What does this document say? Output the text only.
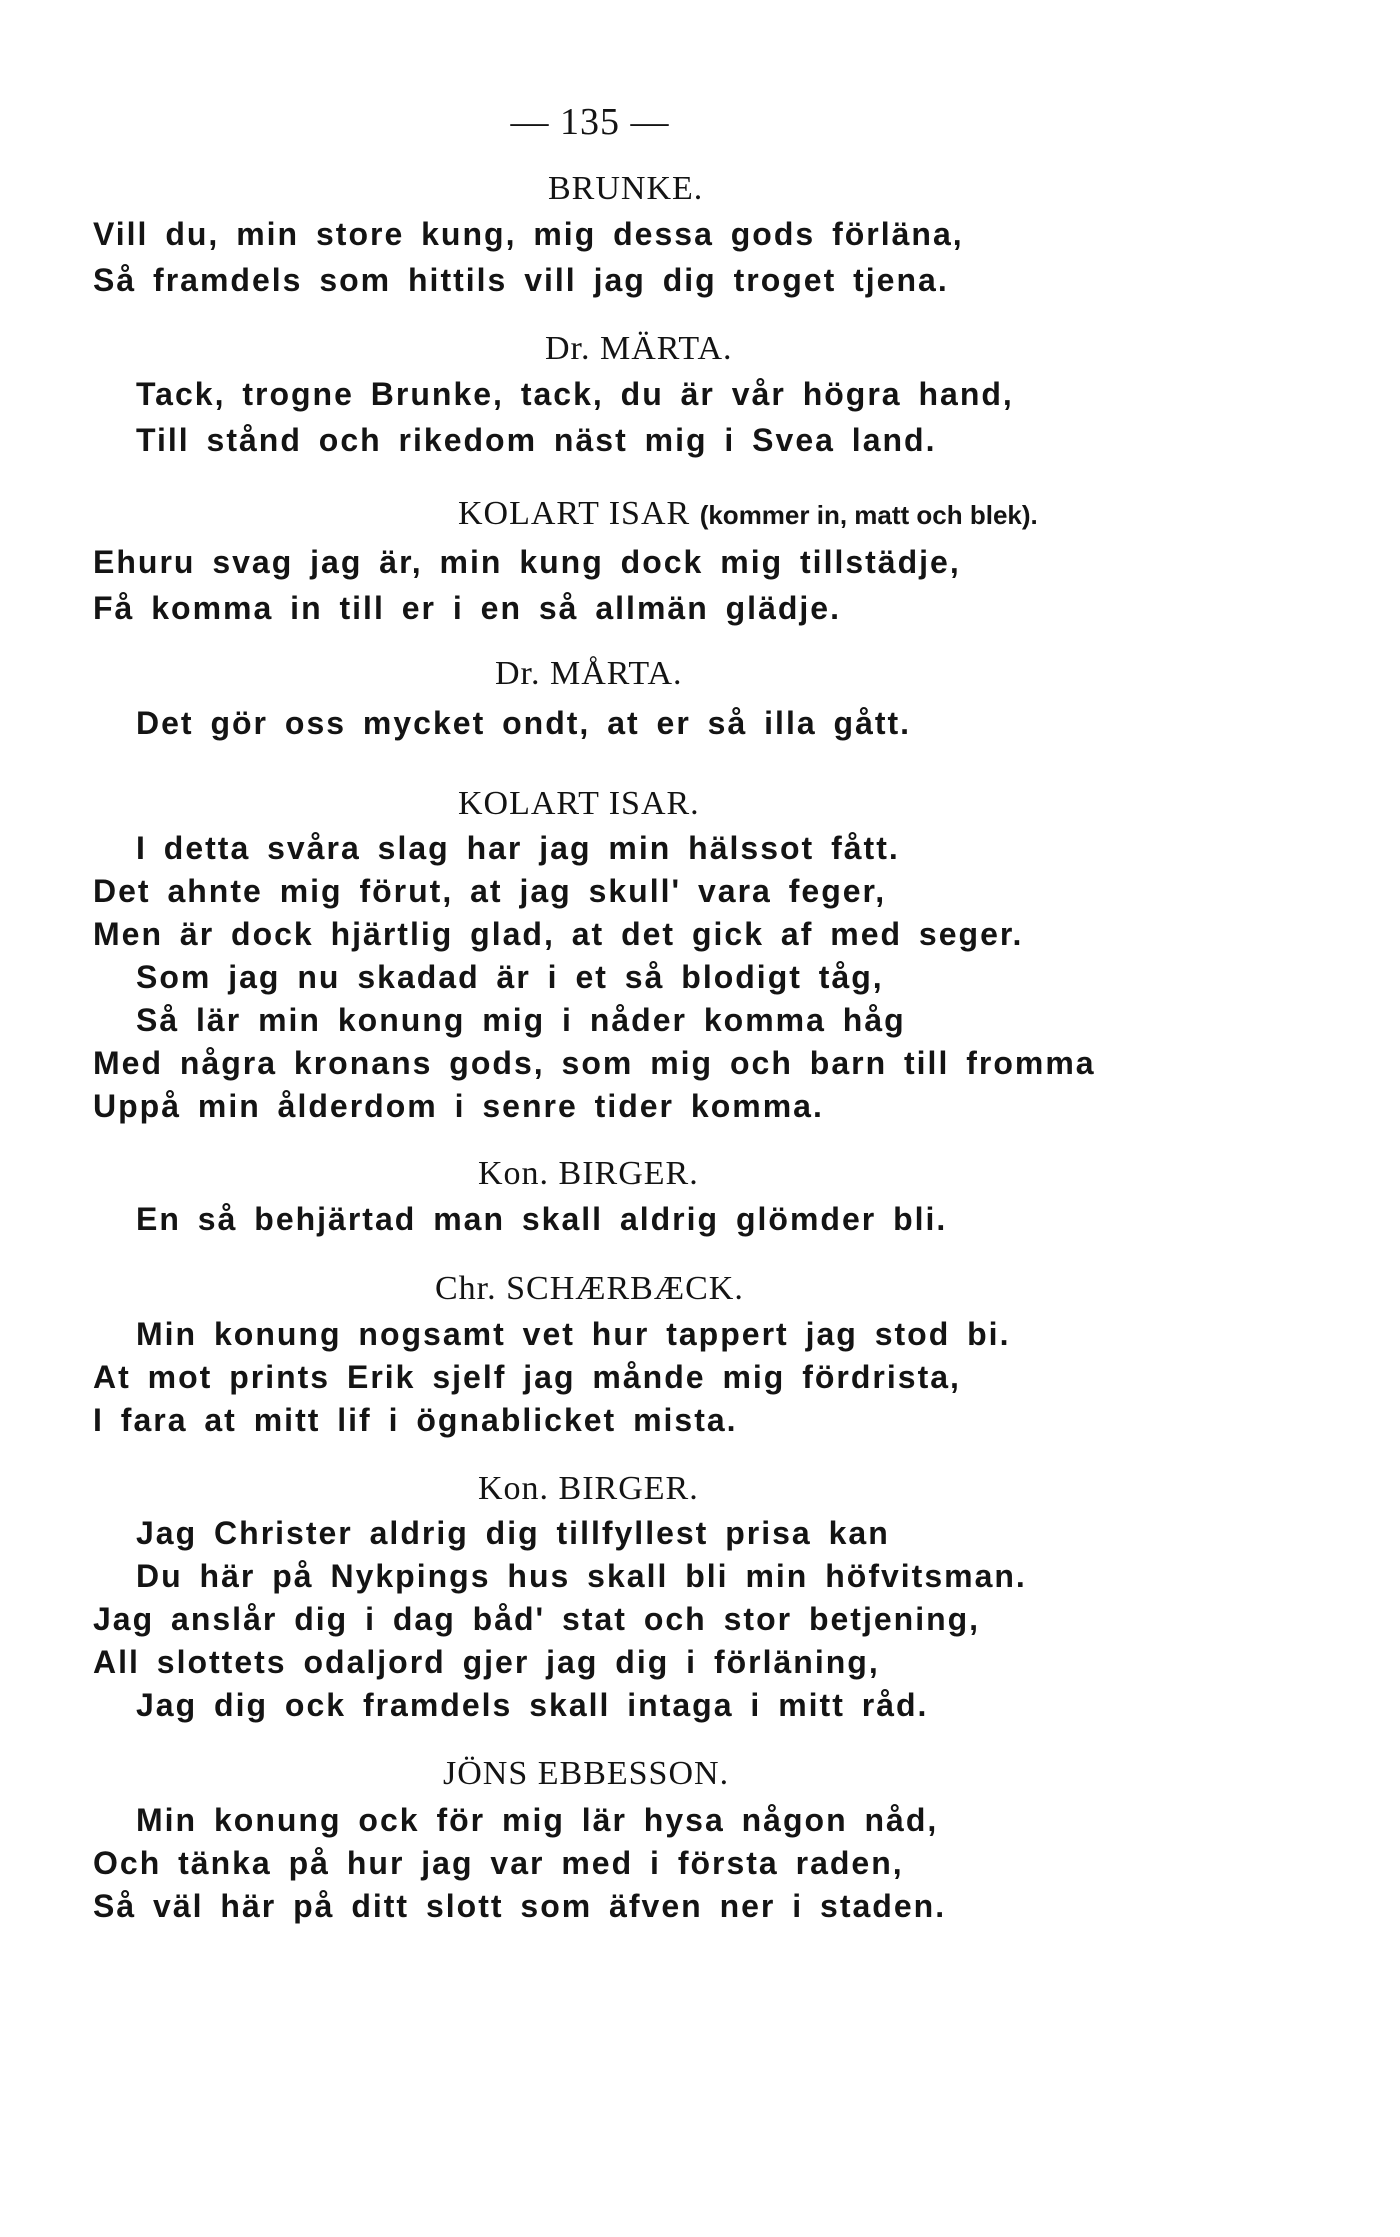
— 135 —
BRUNKE.
Vill du, min store kung, mig dessa gods förläna,
Så framdels som hittils vill jag dig troget tjena.
Dr. MÄRTA.
Tack, trogne Brunke, tack, du är vår högra hand,
Till stånd och rikedom näst mig i Svea land.
KOLART ISAR (kommer in, matt och blek).
Ehuru svag jag är, min kung dock mig tillstädje,
Få komma in till er i en så allmän glädje.
Dr. MÅRTA.
Det gör oss mycket ondt, at er så illa gått.
KOLART ISAR.
I detta svåra slag har jag min hälssot fått.
Det ahnte mig förut, at jag skull' vara feger,
Men är dock hjärtlig glad, at det gick af med seger.
Som jag nu skadad är i et så blodigt tåg,
Så lär min konung mig i nåder komma håg
Med några kronans gods, som mig och barn till fromma
Uppå min ålderdom i senre tider komma.
Kon. BIRGER.
En så behjärtad man skall aldrig glömder bli.
Chr. SCHÆRBÆCK.
Min konung nogsamt vet hur tappert jag stod bi.
At mot prints Erik sjelf jag månde mig fördrista,
I fara at mitt lif i ögnablicket mista.
Kon. BIRGER.
Jag Christer aldrig dig tillfyllest prisa kan
Du här på Nykpings hus skall bli min höfvitsman.
Jag anslår dig i dag båd' stat och stor betjening,
All slottets odaljord gjer jag dig i förläning,
Jag dig ock framdels skall intaga i mitt råd.
JÖNS EBBESSON.
Min konung ock för mig lär hysa någon nåd,
Och tänka på hur jag var med i första raden,
Så väl här på ditt slott som äfven ner i staden.
